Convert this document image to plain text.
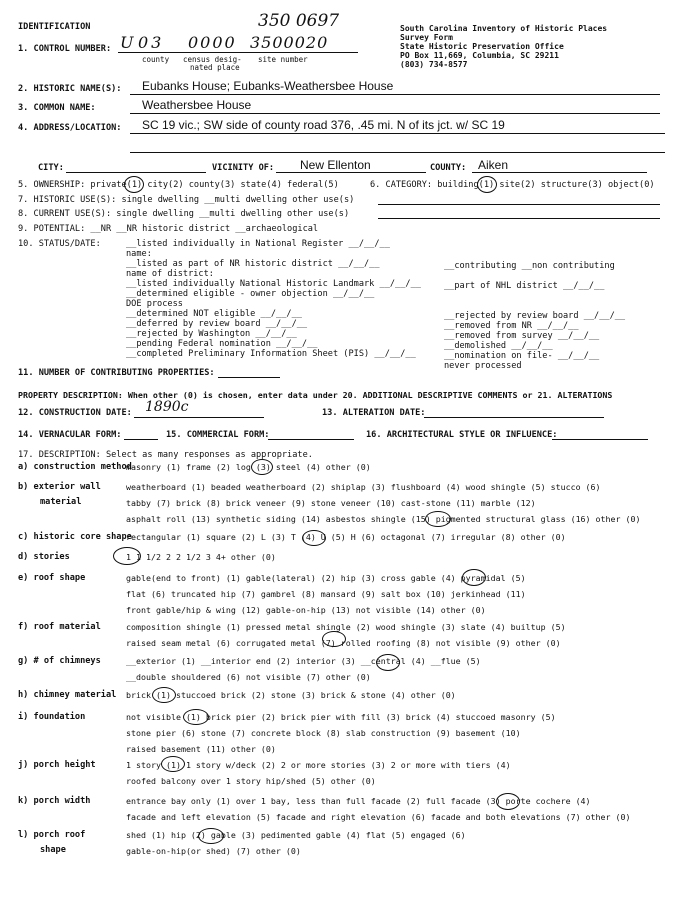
IDENTIFICATION	350 0697	South Carolina Inventory of Historic Places
Survey Form
State Historic Preservation Office
PO Box 11,669, Columbia, SC 29211
(803) 734-8577
1. CONTROL NUMBER: U 03 0000 3500020
county census desig-
nated place
site number
2. HISTORIC NAME(S): Eubanks House; Eubanks-Weathersbee House
3. COMMON NAME:	Weathersbee House
4. ADDRESS/LOCATION: SC 19 vic.; SW side of county road 376, .45 mi. N of its jct. w/ SC 19
CITY:	VICINITY OF: New Ellenton	COUNTY: Aiken
5. OWNERSHIP: private(1) city(2) county(3) state(4) federal(5)	6. CATEGORY: building(1) site(2) structure(3) object(0)
7. HISTORIC USE(S): single dwelling __multi dwelling other use(s)
8. CURRENT USE(S): single dwelling __multi dwelling other use(s)
9. POTENTIAL: __NR __NR historic district __archaeological
10. STATUS/DATE:	__listed individually in National Register __/__/__
name:
__listed as part of NR historic district __/__/__
name of district:
__listed individually National Historic Landmark __/__/__
__determined eligible - owner objection __/__/__
DOE process
__determined NOT eligible __/__/__
__deferred by review board __/__/__
__rejected by Washington __/__/__
__pending Federal nomination __/__/__
__completed Preliminary Information Sheet (PIS) __/__/__
__contributing __non contributing
__part of NHL district __/__/__
__rejected by review board __/__/__
__removed from NR __/__/__
__removed from survey __/__/__
__demolished __/__/__
__nomination on file- __/__/__
never processed
11. NUMBER OF CONTRIBUTING PROPERTIES:
PROPERTY DESCRIPTION: When other (0) is chosen, enter data under 20. ADDITIONAL DESCRIPTIVE COMMENTS or 21. ALTERATIONS
12. CONSTRUCTION DATE: 1890c	13. ALTERATION DATE:
14. VERNACULAR FORM:	15. COMMERCIAL FORM:	16. ARCHITECTURAL STYLE OR INFLUENCE:
17. DESCRIPTION: Select as many responses as appropriate.
a) construction method
masonry (1) frame (2) log (3) steel (4) other (0)
b) exterior wall
material
weatherboard (1) beaded weatherboard (2) shiplap (3) flushboard (4) wood shingle (5) stucco (6)
tabby (7) brick (8) brick veneer (9) stone veneer (10) cast-stone (11) marble (12)
asphalt roll (13) synthetic siding (14) asbestos shingle (15) pigmented structural glass (16) other (0)
c) historic core shape
rectangular (1) square (2) L (3) T (4) U (5) H (6) octagonal (7) irregular (8) other (0)
d) stories	1 1 1/2 2 2 1/2 3 4+ other (0)
e) roof shape	gable(end to front) (1) gable(lateral) (2) hip (3) cross gable (4) pyramidal (5)
flat (6) truncated hip (7) gambrel (8) mansard (9) salt box (10) jerkinhead (11)
front gable/hip & wing (12) gable-on-hip (13) not visible (14) other (0)
f) roof material	composition shingle (1) pressed metal shingle (2) wood shingle (3) slate (4) builtup (5)
raised seam metal (6) corrugated metal (7) rolled roofing (8) not visible (9) other (0)
g) # of chimneys	__exterior (1) __interior end (2) interior (3) __central (4) __flue (5)
__double shouldered (6) not visible (7) other (0)
h) chimney material brick (1) stuccoed brick (2) stone (3) brick & stone (4) other (0)
i) foundation	not visible (1) brick pier (2) brick pier with fill (3) brick (4) stuccoed masonry (5)
stone pier (6) stone (7) concrete block (8) slab construction (9) basement (10)
raised basement (11) other (0)
j) porch height	1 story (1) 1 story w/deck (2) 2 or more stories (3) 2 or more with tiers (4)
roofed balcony over 1 story hip/shed (5) other (0)
k) porch width	entrance bay only (1) over 1 bay, less than full facade (2) full facade (3) porte cochere (4)
facade and left elevation (5) facade and right elevation (6) facade and both elevations (7) other (0)
l) porch roof
shape
shed (1) hip (2) gable (3) pedimented gable (4) flat (5) engaged (6)
gable-on-hip(or shed) (7) other (0)
